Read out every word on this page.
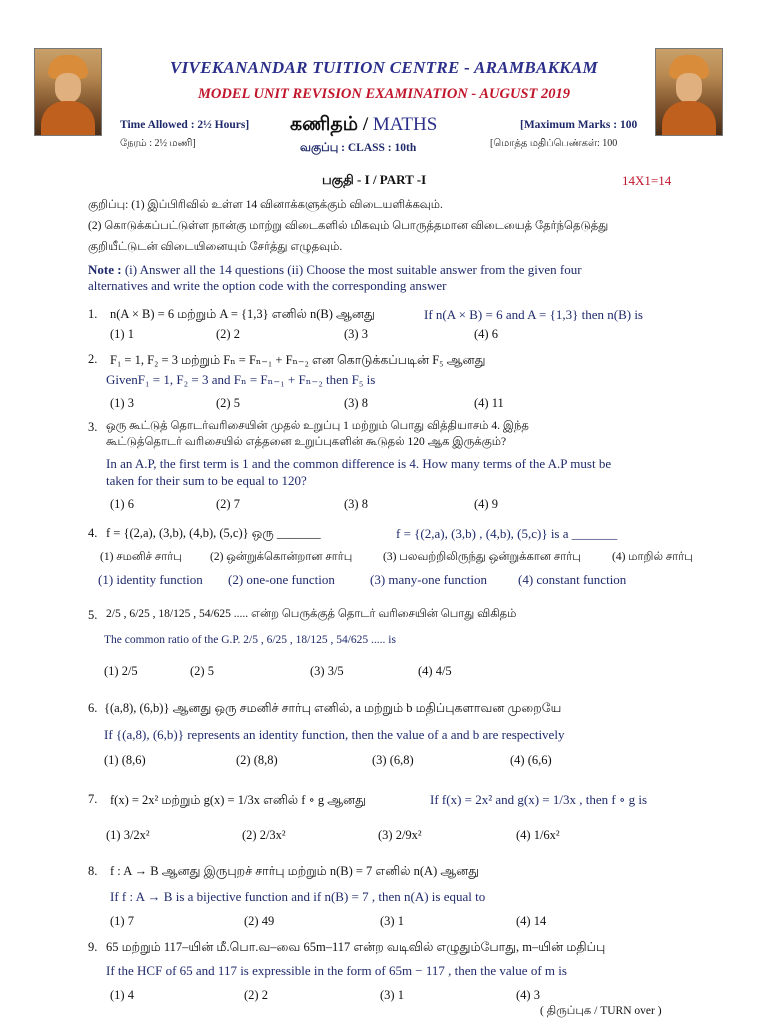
VIVEKANANDAR TUITION CENTRE - ARAMBAKKAM
MODEL UNIT REVISION EXAMINATION - AUGUST 2019
Time Allowed : 2½ Hours]
நேரம் : 2½ மணி]
கணிதம் / MATHS
வகுப்பு : CLASS : 10th
[Maximum Marks : 100
[மொத்த மதிப்பெண்கள்: 100
பகுதி - I / PART -I	14X1=14
குறிப்பு: (1) இப்பிரிவில் உள்ள 14 வினாக்களுக்கும் விடையளிக்கவும்.
(2) கொடுக்கப்பட்டுள்ள நான்கு மாற்று விடைகளில் மிகவும் பொருத்தமான விடையைத் தேர்ந்தெடுத்து
குறியீட்டுடன் விடையினையும் சேர்த்து எழுதவும்.
Note : (i) Answer all the 14 questions (ii) Choose the most suitable answer from the given four
alternatives and write the option code with the corresponding answer
1. n(A × B) = 6 மற்றும் A = {1,3} எனில் n(B) ஆனது	If n(A × B) = 6 and A = {1,3} then n(B) is
(1) 1	(2) 2	(3) 3	(4) 6
2. F₁ = 1, F₂ = 3 மற்றும் Fₙ = Fₙ₋₁ + Fₙ₋₂ என கொடுக்கப்படின் F₅ ஆனது
GivenF₁ = 1, F₂ = 3 and Fₙ = Fₙ₋₁ + Fₙ₋₂ then F₅ is
(1) 3	(2) 5	(3) 8	(4) 11
3. ஒரு கூட்டுத் தொடர்வரிசையின் முதல் உறுப்பு 1 மற்றும் பொது வித்தியாசம் 4. இந்த
கூட்டுத்தொடர் வரிசையில் எத்தனை உறுப்புகளின் கூடுதல் 120 ஆக இருக்கும்?
In an A.P, the first term is 1 and the common difference is 4. How many terms of the A.P must be
taken for their sum to be equal to 120?
(1) 6	(2) 7	(3) 8	(4) 9
4. f = {(2,a), (3,b), (4,b), (5,c)} ஒரு _______	f = {(2,a), (3,b) , (4,b), (5,c)} is a _______
(1) சமனிச் சார்பு (2) ஒன்றுக்கொன்றான சார்பு	(3) பலவற்றிலிருந்து ஒன்றுக்கான சார்பு	(4) மாறில் சார்பு
(1) identity function (2) one-one function	(3) many-one function (4) constant function
5. 2/5 , 6/25 , 18/125 , 54/625 ..... என்ற பெருக்குத் தொடர் வரிசையின் பொது விகிதம்
The common ratio of the G.P. 2/5 , 6/25 , 18/125 , 54/625 ..... is
(1) 2/5	(2) 5	(3) 3/5	(4) 4/5
6. {(a,8), (6,b)} ஆனது ஒரு சமனிச் சார்பு எனில், a மற்றும் b மதிப்புகளாவன முறையே
If {(a,8), (6,b)} represents an identity function, then the value of a and b are respectively
(1) (8,6)	(2) (8,8)	(3) (6,8)	(4) (6,6)
7. f(x) = 2x² மற்றும் g(x) = 1/3x எனில் f ∘ g ஆனது	If f(x) = 2x² and g(x) = 1/3x , then f ∘ g is
(1) 3/2x²	(2) 2/3x²	(3) 2/9x²	(4) 1/6x²
8. f : A → B ஆனது இருபுறச் சார்பு மற்றும் n(B) = 7 எனில் n(A) ஆனது
If f : A → B is a bijective function and if n(B) = 7 , then n(A) is equal to
(1) 7	(2) 49	(3) 1	(4) 14
9. 65 மற்றும் 117–யின் மீ.பொ.வ–வை 65m–117 என்ற வடிவில் எழுதும்போது, m–யின் மதிப்பு
If the HCF of 65 and 117 is expressible in the form of 65m − 117 , then the value of m is
(1) 4	(2) 2	(3) 1	(4) 3
( திருப்புக / TURN over )
